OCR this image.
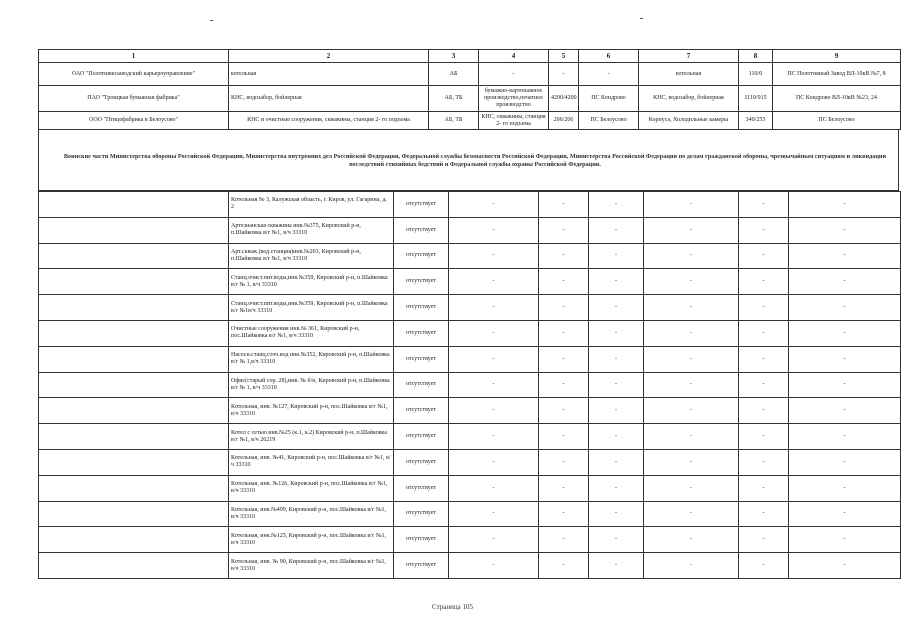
1	2	3	4	5	6	7	8	9
ОАО "Полотнянозаводский карьероуправление"	котельная	АБ	-	-	-	котельная	110/0	ПС Полотняный Завод ВЛ-10кВ №7, 8
ПАО "Троицкая бумажная фабрика"	КНС, водозабор, бойлерная	АБ, ТБ	бумажно-картонажное производство,печатное производство	4200/4200	ПС Кондрово	КНС, водозабор, бойлерная	1110/915	ПС Кондрово ВЛ-10кВ №23, 24
ООО "Птицефабрика в Белоусово"	КНС и очистные сооружения, скважины, станция 2- го подъема	АБ, ТБ	КНС, скважины, станция 2- го подъема	206/206	ПС Белоусово	Корпуса, Холодильные камеры	340/255	ПС Белоусово
Воинские части Министерства обороны Российской Федерации, Министерства внутренних дел Российской Федерации, Федеральной службы безопасности Российской Федерации, Министерства Российской Федерации по делам гражданской обороны, чрезвычайным ситуациям и ликвидации последствий стихийных бедствий и Федеральной службы охраны Российской Федерации.
	Котельная № 3, Калужская область, г. Киров, ул. Гагарина, д. 2	отсутствует	-	-	-	-	-	-
	Артезианская скважина инв.№375, Кировский р-н, п.Шайковка в/г №1, в/ч 33310	отсутствует	-	-	-	-	-	-
	Арт.скваж.(вод.станция)инв.№203, Кировский р-н, п.Шайковка в/г №1, в/ч 33310	отсутствует	-	-	-	-	-	-
	Станц.очист.пит.воды,инв.№359, Кировский р-н, п.Шайковка в/г № 1, в/ч 33310	отсутствует	-	-	-	-	-	-
	Станц.очист.пит.воды,инв.№359, Кировский р-н, п.Шайковка в/г №1в/ч 33310	отсутствует	-	-	-	-	-	-
	Очистные сооружения инв.№ 361, Кировский р-н, пос.Шайковка в/г №1, в/ч 33310	отсутствует	-	-	-	-	-	-
	Насосн.станц.сточ.вод инв.№352, Кировский р-н, п.Шайковка в/г № 1,в/ч 33310	отсутствует	-	-	-	-	-	-
	Офис(старый сор. 28),инв. № б/н, Кировский р-н, п.Шайковка в/г № 1, в/ч 33310	отсутствует	-	-	-	-	-	-
	Котельная, инв. №127, Кировский р-н, пос.Шайковка в/г №1, в/ч 33310	отсутствует	-	-	-	-	-	-
	Котел с сетью инв.№25 (к.1, к.2) Кировский р-н, п.Шайковка в/г №1, в/ч 26219	отсутствует	-	-	-	-	-	-
	Котельная, инв. №41, Кировский р-н, пос.Шайковка в/г №1, в/ч 33310	отсутствует	-	-	-	-	-	-
	Котельная, инв. №126, Кировский р-н, пос.Шайковка в/г №1, в/ч 33310	отсутствует	-	-	-	-	-	-
	Котельная, инв.№499, Кировский р-н, пос.Шайковка в/г №1, в/ч 33310	отсутствует	-	-	-	-	-	-
	Котельная, инв.№125, Кировский р-н, пос.Шайковка в/г №1, в/ч 33310	отсутствует	-	-	-	-	-	-
	Котельная, инв. № 90, Кировский р-н, пос.Шайковка в/г №1, в/ч 33310	отсутствует	-	-	-	-	-	-
Страница 105
